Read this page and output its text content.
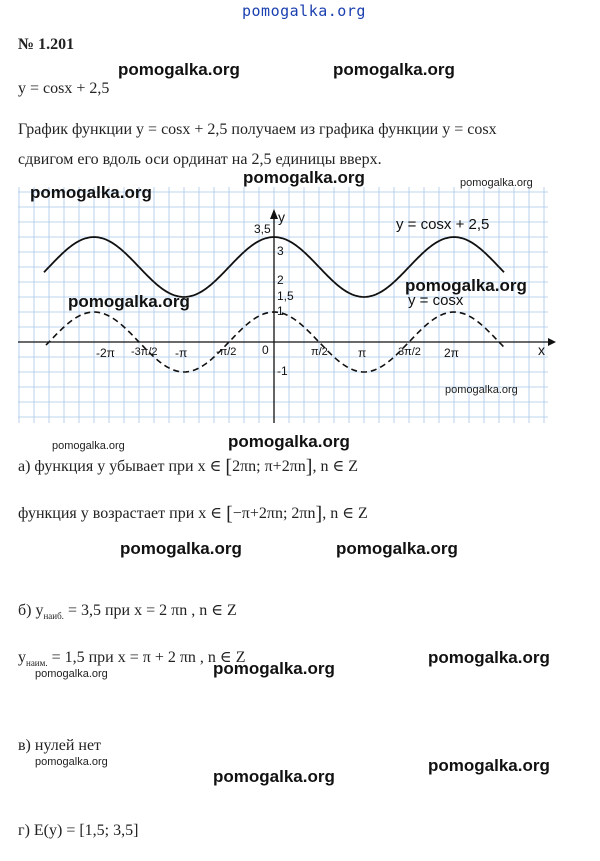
pomogalka.org
№ 1.201
y = cosx + 2,5
График функции y = cosx + 2,5 получаем из графика функции y = cosx
сдвигом его вдоль оси ординат на 2,5 единицы вверх.
x
y
0
3,5
3
2
1,5
1
-1
-2π -3π/2 -π	-π/2	π/2	π	3π/2 2π
y = cosx + 2,5
y = cosx
pomogalka.org	pomogalka.org
pomogalka.org
pomogalka.org
pomogalka.org
pomogalka.org
pomogalka.org
pomogalka.org	pomogalka.org
pomogalka.org
pomogalka.org
pomogalka.org
pomogalka.org
pomogalka.org
pomogalka.org
pomogalka.org
pomogalka.org
pomogalka.org
а) функция у убывает при x ∈ [2πn; π+2πn], n ∈ Z
функция у возрастает при x ∈ [−π+2πn; 2πn], n ∈ Z
б) $y_{наиб.} = 3,5$ при x = 2 πn , n ∈ Z
$y_{наим.} = 1,5$ при x = π + 2 πn , n ∈ Z
в) нулей нет
г) E(y) = [1,5; 3,5]
